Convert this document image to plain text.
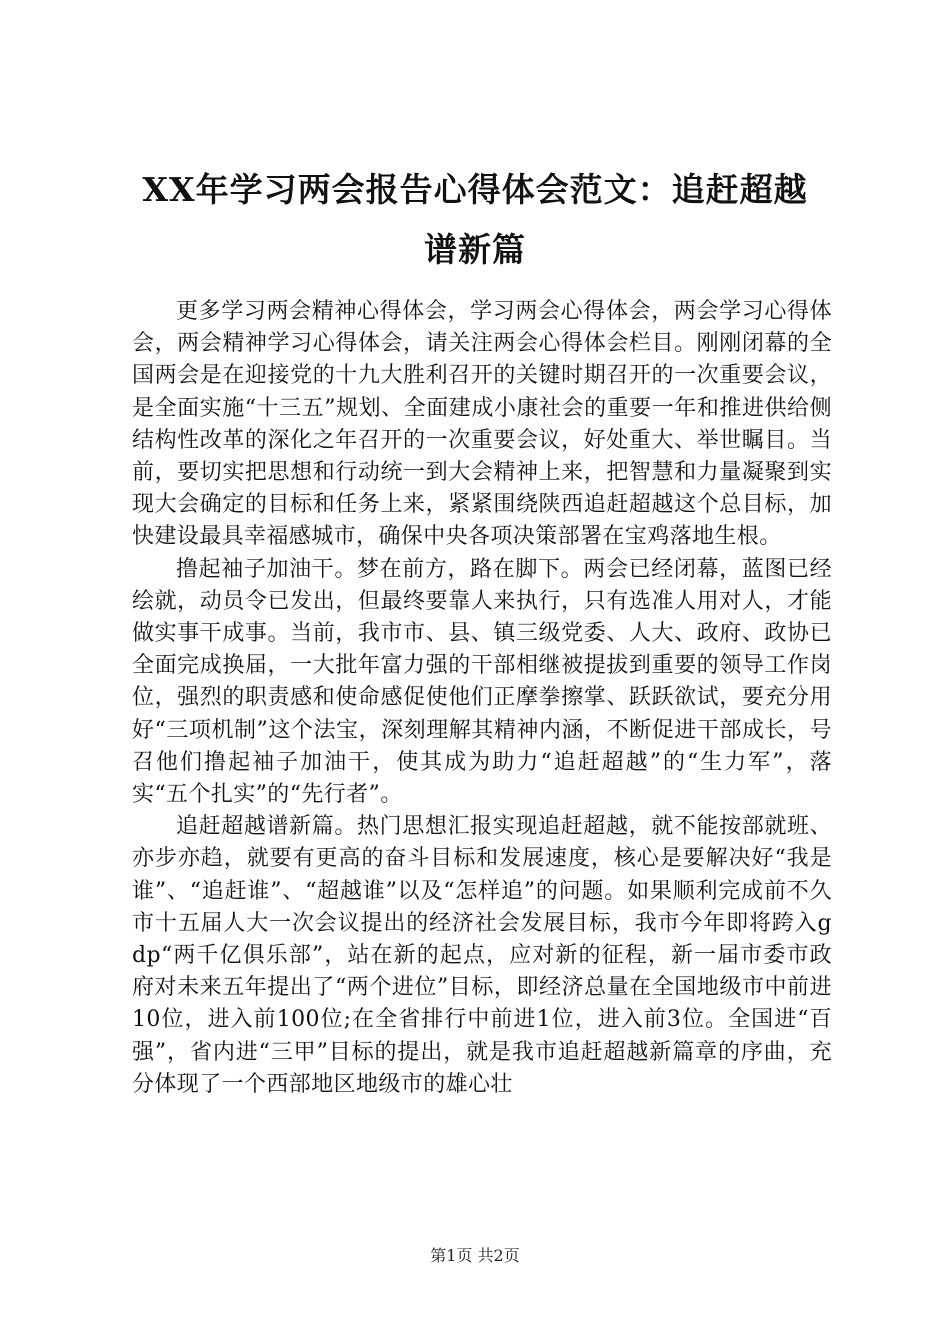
XX年学习两会报告心得体会范文：追赶超越
谱新篇

更多学习两会精神心得体会，学习两会心得体会，两会学习心得体会，两会精神学习心得体会，请关注两会心得体会栏目。刚刚闭幕的全国两会是在迎接党的十九大胜利召开的关键时期召开的一次重要会议，是全面实施“十三五”规划、全面建成小康社会的重要一年和推进供给侧结构性改革的深化之年召开的一次重要会议，好处重大、举世瞩目。当前，要切实把思想和行动统一到大会精神上来，把智慧和力量凝聚到实现大会确定的目标和任务上来，紧紧围绕陕西追赶超越这个总目标，加快建设最具幸福感城市，确保中央各项决策部署在宝鸡落地生根。

撸起袖子加油干。梦在前方，路在脚下。两会已经闭幕，蓝图已经绘就，动员令已发出，但最终要靠人来执行，只有选准人用对人，才能做实事干成事。当前，我市市、县、镇三级党委、人大、政府、政协已全面完成换届，一大批年富力强的干部相继被提拔到重要的领导工作岗位，强烈的职责感和使命感促使他们正摩拳擦掌、跃跃欲试，要充分用好“三项机制”这个法宝，深刻理解其精神内涵，不断促进干部成长，号召他们撸起袖子加油干，使其成为助力“追赶超越”的“生力军”，落实“五个扎实”的“先行者”。

追赶超越谱新篇。热门思想汇报实现追赶超越，就不能按部就班、亦步亦趋，就要有更高的奋斗目标和发展速度，核心是要解决好“我是谁”、“追赶谁”、“超越谁”以及“怎样追”的问题。如果顺利完成前不久市十五届人大一次会议提出的经济社会发展目标，我市今年即将跨入gdp“两千亿俱乐部”，站在新的起点，应对新的征程，新一届市委市政府对未来五年提出了“两个进位”目标，即经济总量在全国地级市中前进10位，进入前100位;在全省排行中前进1位，进入前3位。全国进“百强”，省内进“三甲”目标的提出，就是我市追赶超越新篇章的序曲，充分体现了一个西部地区地级市的雄心壮

第1页 共2页
